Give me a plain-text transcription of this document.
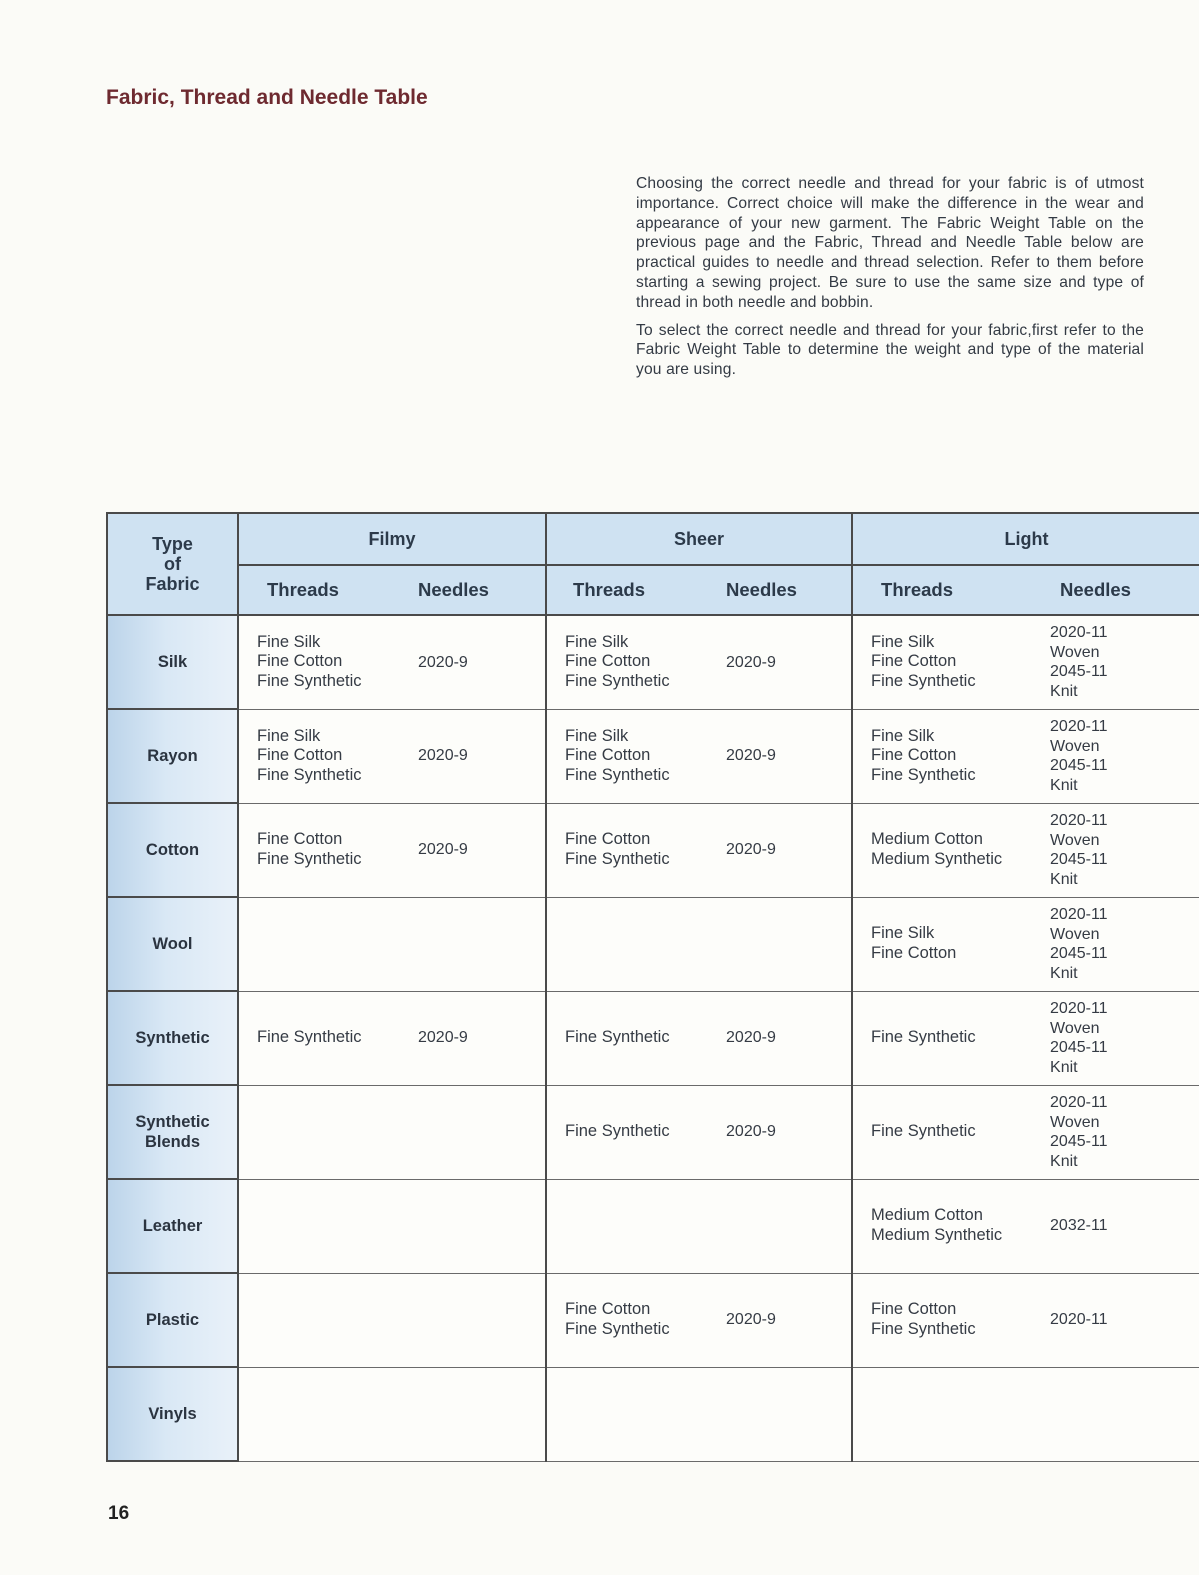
Fabric, Thread and Needle Table

Choosing the correct needle and thread for your fabric is of utmost importance. Correct choice will make the difference in the wear and appearance of your new garment. The Fabric Weight Table on the previous page and the Fabric, Thread and Needle Table below are practical guides to needle and thread selection. Refer to them before starting a sewing project. Be sure to use the same size and type of thread in both needle and bobbin.

To select the correct needle and thread for your fabric,first refer to the Fabric Weight Table to determine the weight and type of the material you are using.

Type
of
Fabric	Filmy		Sheer		Light	
	Threads	Needles	Threads	Needles	Threads	Needles

Silk	Fine Silk
Fine Cotton
Fine Synthetic	2020-9	Fine Silk
Fine Cotton
Fine Synthetic	2020-9	Fine Silk
Fine Cotton
Fine Synthetic	2020-11
Woven
2045-11
Knit

Rayon	Fine Silk
Fine Cotton
Fine Synthetic	2020-9	Fine Silk
Fine Cotton
Fine Synthetic	2020-9	Fine Silk
Fine Cotton
Fine Synthetic	2020-11
Woven
2045-11
Knit

Cotton	Fine Cotton
Fine Synthetic	2020-9	Fine Cotton
Fine Synthetic	2020-9	Medium Cotton
Medium Synthetic	2020-11
Woven
2045-11
Knit

Wool					Fine Silk
Fine Cotton	2020-11
Woven
2045-11
Knit

Synthetic	Fine Synthetic	2020-9	Fine Synthetic	2020-9	Fine Synthetic	2020-11
Woven
2045-11
Knit

Synthetic
Blends			Fine Synthetic	2020-9	Fine Synthetic	2020-11
Woven
2045-11
Knit

Leather					Medium Cotton
Medium Synthetic	2032-11

Plastic			Fine Cotton
Fine Synthetic	2020-9	Fine Cotton
Fine Synthetic	2020-11

Vinyls						

16
